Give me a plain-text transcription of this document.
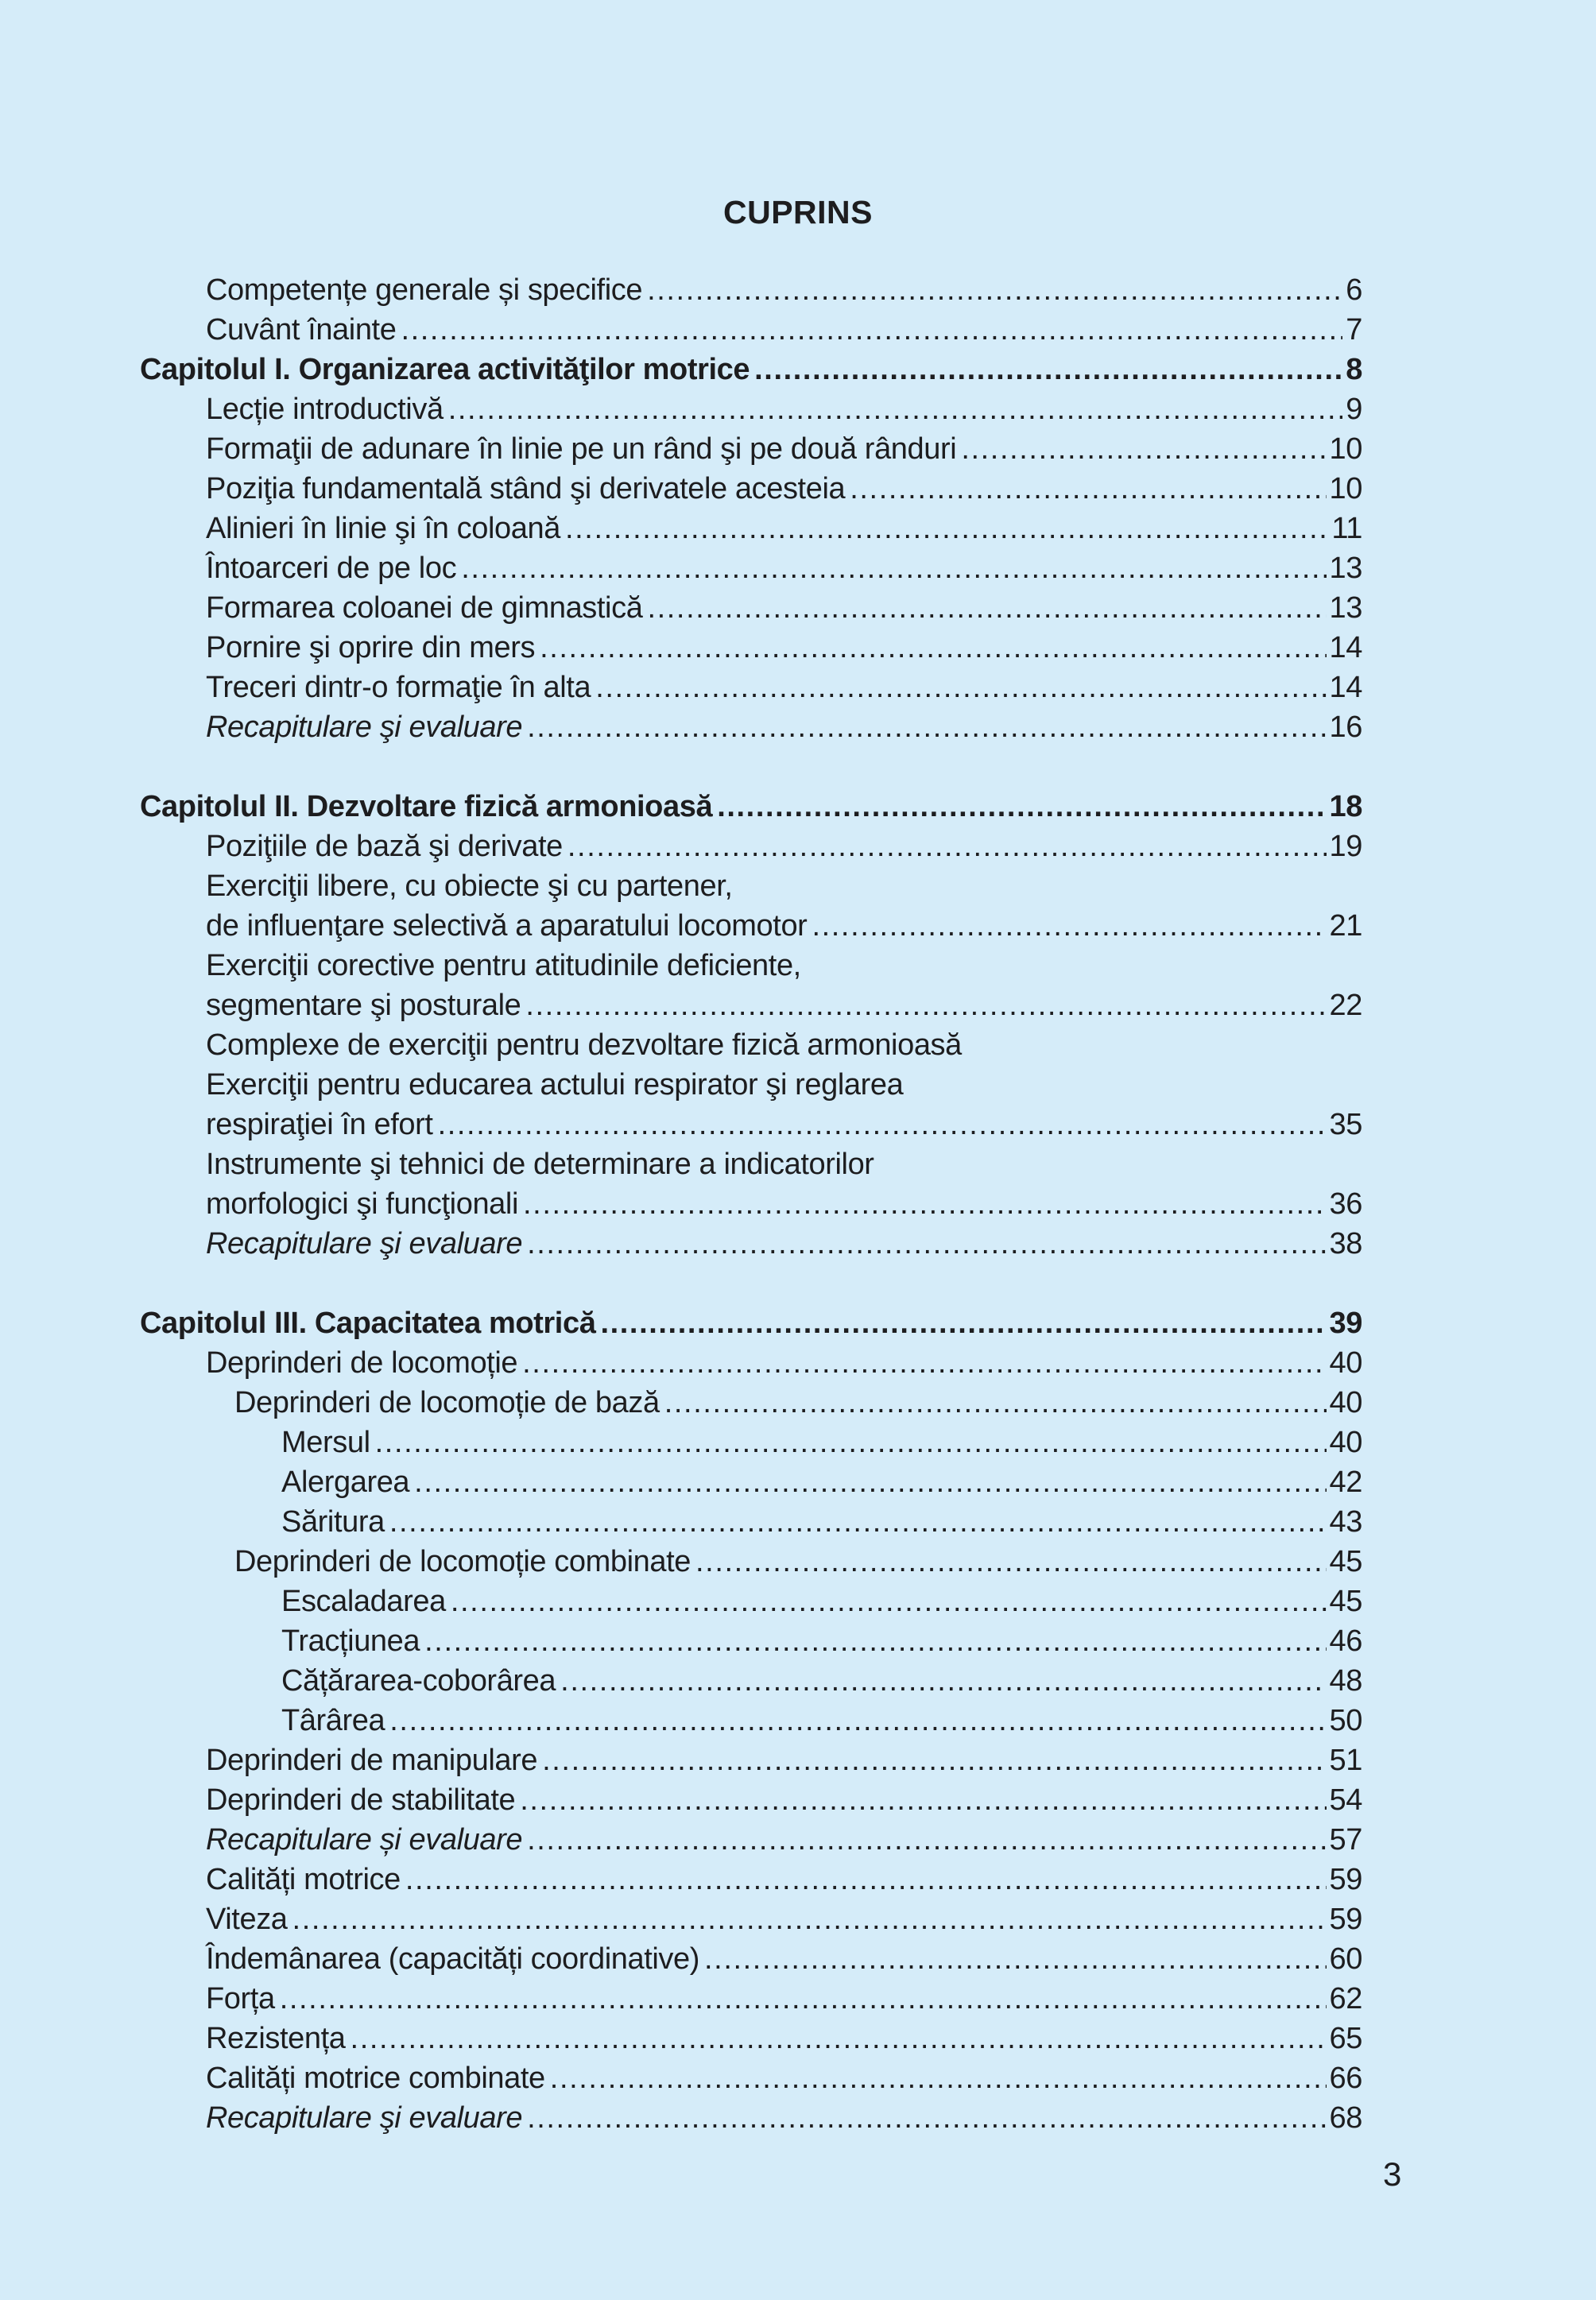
CUPRINS
Competențe generale și specifice .....	6
Cuvânt înainte .....	7
Capitolul I. Organizarea activităţilor motrice .....	8
Lecție introductivă .....	9
Formaţii de adunare în linie pe un rând şi pe două rânduri .....	10
Poziţia fundamentală stând şi derivatele acesteia .....	10
Alinieri în linie şi în coloană .....	11
Întoarceri de pe loc .....	13
Formarea coloanei de gimnastică .....	13
Pornire şi oprire din mers .....	14
Treceri dintr-o formaţie în alta .....	14
Recapitulare şi evaluare .....	16
Capitolul II. Dezvoltare fizică armonioasă .....	18
Poziţiile de bază şi derivate .....	19
Exerciţii libere, cu obiecte şi cu partener,
de influenţare selectivă a aparatului locomotor .....	21
Exerciţii corective pentru atitudinile deficiente,
segmentare şi posturale .....	22
Complexe de exerciţii pentru dezvoltare fizică armonioasă
Exerciţii pentru educarea actului respirator şi reglarea
respiraţiei în efort .....	35
Instrumente şi tehnici de determinare a indicatorilor
morfologici şi funcţionali .....	36
Recapitulare şi evaluare .....	38
Capitolul III. Capacitatea motrică .....	39
Deprinderi de locomoție .....	40
Deprinderi de locomoție de bază .....	40
Mersul .....	40
Alergarea .....	42
Săritura .....	43
Deprinderi de locomoție combinate .....	45
Escaladarea .....	45
Tracțiunea .....	46
Cățărarea-coborârea .....	48
Târârea .....	50
Deprinderi de manipulare .....	51
Deprinderi de stabilitate .....	54
Recapitulare și evaluare .....	57
Calități motrice .....	59
Viteza .....	59
Îndemânarea (capacități coordinative) .....	60
Forța .....	62
Rezistența .....	65
Calități motrice combinate .....	66
Recapitulare şi evaluare .....	68
3
